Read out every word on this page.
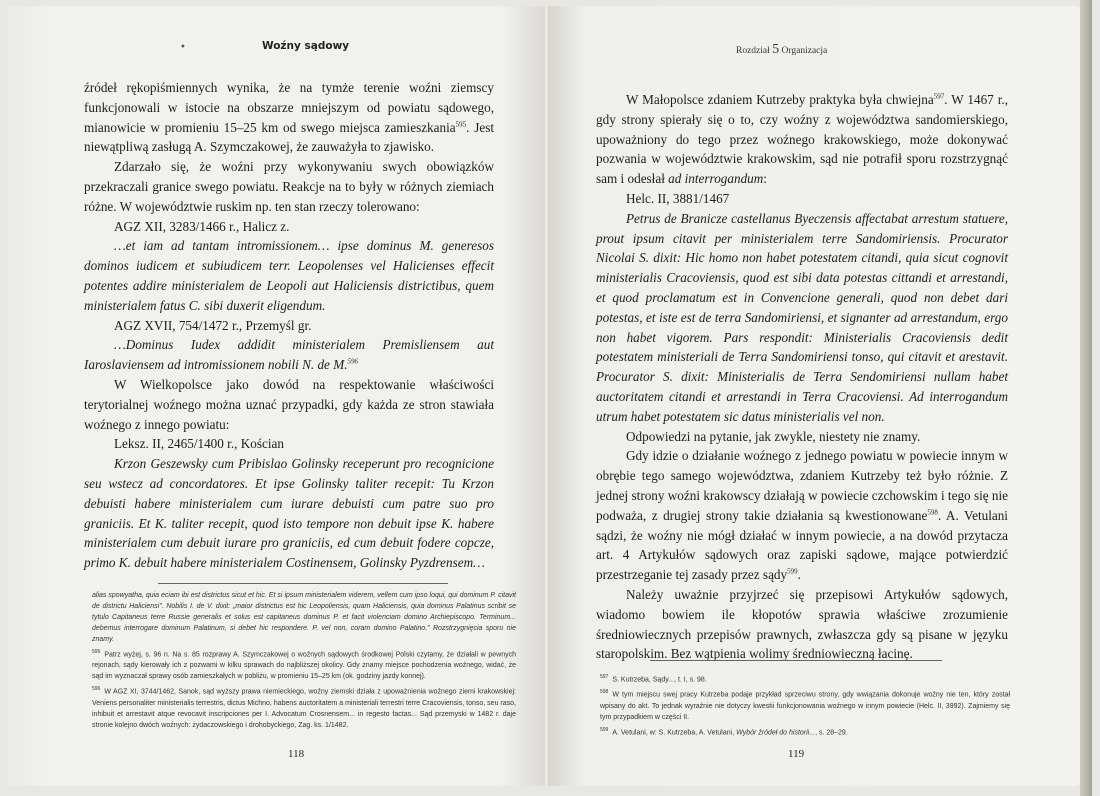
•	Woźny sądowy

źródeł rękopiśmiennych wynika, że na tymże terenie woźni ziemscy funkcjonowali w istocie na obszarze mniejszym od powiatu sądowego, mianowicie w promieniu 15–25 km od swego miejsca zamieszkania$^{595}$. Jest niewątpliwą zasługą A. Szymczakowej, że zauważyła to zjawisko.

Zdarzało się, że woźni przy wykonywaniu swych obowiązków przekraczali granice swego powiatu. Reakcje na to były w różnych ziemiach różne. W województwie ruskim np. ten stan rzeczy tolerowano:

AGZ XII, 3283/1466 r., Halicz z.

…et iam ad tantam intromissionem… ipse dominus M. generesos dominos iudicem et subiudicem terr. Leopolenses vel Halicienses effecit potentes addire ministerialem de Leopoli aut Haliciensis districtibus, quem ministerialem fatus C. sibi duxerit eligendum.

AGZ XVII, 754/1472 r., Przemyśl gr.

…Dominus Iudex addidit ministerialem Premisliensem aut Iaroslaviensem ad intromissionem nobili N. de M.$^{596}$

W Wielkopolsce jako dowód na respektowanie właściwości terytorialnej woźnego można uznać przypadki, gdy każda ze stron stawiała woźnego z innego powiatu:

Leksz. II, 2465/1400 r., Kościan

Krzon Geszewsky cum Pribislao Golinsky receperunt pro recognicione seu wstecz ad concordatores. Et ipse Golinsky taliter recepit: Tu Krzon debuisti habere ministerialem cum iurare debuisti cum patre suo pro graniciis. Et K. taliter recepit, quod isto tempore non debuit ipse K. habere ministerialem cum debuit iurare pro graniciis, ed cum debuit fodere copcze, primo K. debuit habere ministerialem Costinensem, Golinsky Pyzdrensem…

alias spowyatha, quia eciam ibi est districtus sicut et hic. Et si ipsum ministerialem viderem, vellem cum ipso loqui, qui dominum P. citavit de districtu Haliciensi". Nobilis I. de V. dixit: „maior districtus est hic Leopoliensis, quam Haliciensis, quia dominus Palatinus scribit se tytulo Capitaneus terre Russie generalis et solus est capitaneus dominus P. et facit violenciam domino Archiepiscopo. Terminum... debemus interrogare dominum Palatinum, si debet hic respondere. P. vel non, coram domino Palatino." Rozstrzygnięcia sporu nie znamy.

$^{595}$ Patrz wyżej, s. 96 n. Na s. 85 rozprawy A. Szymczakowej o woźnych sądowych środkowej Polski czytamy, że działali w pewnych rejonach, sądy kierowały ich z pozwami w kilku sprawach do najbliższej okolicy. Gdy znamy miejsce pochodzenia woźnego, widać, że sąd im wyznaczał sprawy osób zamieszkałych w pobliżu, w promieniu 15–25 km (ok. godziny jazdy konnej).

$^{596}$ W AGZ XI, 3744/1462, Sanok, sąd wyższy prawa niemieckiego, woźny ziemski działa z upoważnienia woźnego ziemi krakowskiej: Veniens personaliter ministerialis terrestris, dictus Michno, habens auctoritatem a ministeriali terrestri terre Cracoviensis, tonso, seu raso, inhibuit et arrestavit atque revocavit inscripciones per I. Advocatum Crosnensem... in regesto factas... Sąd przemyski w 1482 r. daje stronie kolejno dwóch woźnych: żydaczowskiego i drohobyckiego, Zag. ks. 1/1482.

118
Rozdział 5 Organizacja

W Małopolsce zdaniem Kutrzeby praktyka była chwiejna$^{597}$. W 1467 r., gdy strony spierały się o to, czy woźny z województwa sandomierskiego, upoważniony do tego przez woźnego krakowskiego, może dokonywać pozwania w województwie krakowskim, sąd nie potrafił sporu rozstrzygnąć sam i odesłał ad interrogandum:

Helc. II, 3881/1467

Petrus de Branicze castellanus Byeczensis affectabat arrestum statuere, prout ipsum citavit per ministerialem terre Sandomiriensis. Procurator Nicolai S. dixit: Hic homo non habet potestatem citandi, quia sicut cognovit ministerialis Cracoviensis, quod est sibi data potestas cittandi et arrestandi, et quod proclamatum est in Convencione generali, quod non debet dari potestas, et iste est de terra Sandomiriensi, et signanter ad arrestandum, ergo non habet vigorem. Pars respondit: Ministerialis Cracoviensis dedit potestatem ministeriali de Terra Sandomiriensi tonso, qui citavit et arestavit. Procurator S. dixit: Ministerialis de Terra Sendomiriensi nullam habet auctoritatem citandi et arrestandi in Terra Cracoviensi. Ad interrogandum utrum habet potestatem sic datus ministerialis vel non.

Odpowiedzi na pytanie, jak zwykle, niestety nie znamy.

Gdy idzie o działanie woźnego z jednego powiatu w powiecie innym w obrębie tego samego województwa, zdaniem Kutrzeby też było różnie. Z jednej strony woźni krakowscy działają w powiecie czchowskim i tego się nie podważa, z drugiej strony takie działania są kwestionowane$^{598}$. A. Vetulani sądzi, że woźny nie mógł działać w innym powiecie, a na dowód przytacza art. 4 Artykułów sądowych oraz zapiski sądowe, mające potwierdzić przestrzeganie tej zasady przez sądy$^{599}$.

Należy uważnie przyjrzeć się przepisowi Artykułów sądowych, wiadomo bowiem ile kłopotów sprawia właściwe zrozumienie średniowiecznych przepisów prawnych, zwłaszcza gdy są pisane w języku staropolskim. Bez wątpienia wolimy średniowieczną łacinę.

$^{597}$ S. Kutrzeba, Sądy..., t. I, s. 98.

$^{598}$ W tym miejscu swej pracy Kutrzeba podaje przykład sprzeciwu strony, gdy wwiązania dokonuje woźny nie ten, który został wpisany do akt. To jednak wyraźnie nie dotyczy kwestii funkcjonowania woźnego w innym powiecie (Helc. II, 3992). Zajmiemy się tym przypadkiem w części II.

$^{599}$ A. Vetulani, w: S. Kutrzeba, A. Vetulani, Wybór źródeł do historii..., s. 28–29.

119
